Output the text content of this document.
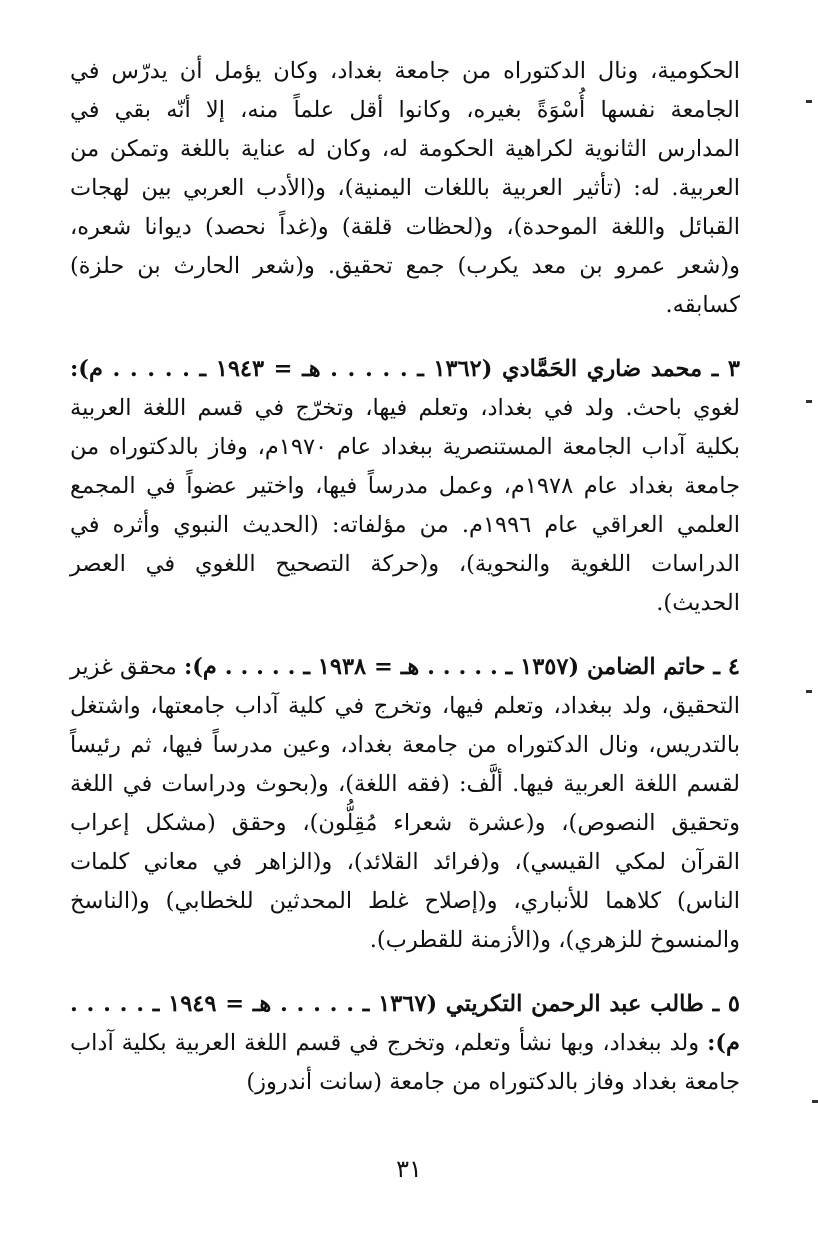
الحكومية، ونال الدكتوراه من جامعة بغداد، وكان يؤمل أن يدرّس في الجامعة نفسها أُسْوَةً بغيره، وكانوا أقل علماً منه، إلا أنّه بقي في المدارس الثانوية لكراهية الحكومة له، وكان له عناية باللغة وتمكن من العربية. له: (تأثير العربية باللغات اليمنية)، و(الأدب العربي بين لهجات القبائل واللغة الموحدة)، و(لحظات قلقة) و(غداً نحصد) ديوانا شعره، و(شعر عمرو بن معد يكرب) جمع تحقيق. و(شعر الحارث بن حلزة) كسابقه.

٣ ـ محمد ضاري الحَمَّادي (١٣٦٢ ـ . . . . . هـ = ١٩٤٣ ـ . . . . . م): لغوي باحث. ولد في بغداد، وتعلم فيها، وتخرّج في قسم اللغة العربية بكلية آداب الجامعة المستنصرية ببغداد عام ١٩٧٠م، وفاز بالدكتوراه من جامعة بغداد عام ١٩٧٨م، وعمل مدرساً فيها، واختير عضواً في المجمع العلمي العراقي عام ١٩٩٦م. من مؤلفاته: (الحديث النبوي وأثره في الدراسات اللغوية والنحوية)، و(حركة التصحيح اللغوي في العصر الحديث).

٤ ـ حاتم الضامن (١٣٥٧ ـ . . . . . هـ = ١٩٣٨ ـ . . . . . م): محقق غزير التحقيق، ولد ببغداد، وتعلم فيها، وتخرج في كلية آداب جامعتها، واشتغل بالتدريس، ونال الدكتوراه من جامعة بغداد، وعين مدرساً فيها، ثم رئيساً لقسم اللغة العربية فيها. ألَّف: (فقه اللغة)، و(بحوث ودراسات في اللغة وتحقيق النصوص)، و(عشرة شعراء مُقِلُّون)، وحقق (مشكل إعراب القرآن لمكي القيسي)، و(فرائد القلائد)، و(الزاهر في معاني كلمات الناس) كلاهما للأنباري، و(إصلاح غلط المحدثين للخطابي) و(الناسخ والمنسوخ للزهري)، و(الأزمنة للقطرب).

٥ ـ طالب عبد الرحمن التكريتي (١٣٦٧ ـ . . . . . هـ = ١٩٤٩ ـ . . . . . م): ولد ببغداد، وبها نشأ وتعلم، وتخرج في قسم اللغة العربية بكلية آداب جامعة بغداد وفاز بالدكتوراه من جامعة (سانت أندروز)

٣١
